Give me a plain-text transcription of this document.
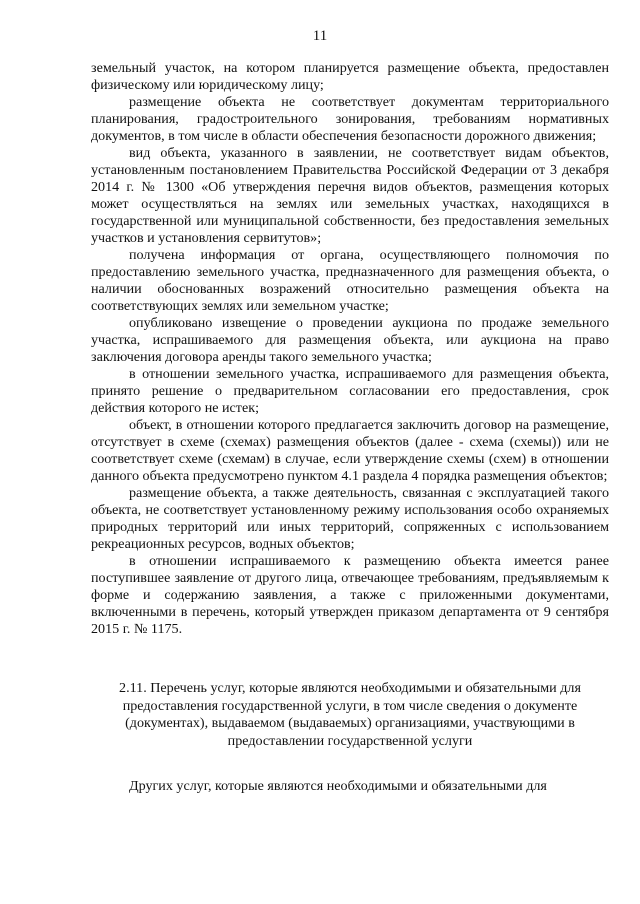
11

земельный участок, на котором планируется размещение объекта, предоставлен физическому или юридическому лицу;

размещение объекта не соответствует документам территориального планирования, градостроительного зонирования, требованиям нормативных документов, в том числе в области обеспечения безопасности дорожного движения;

вид объекта, указанного в заявлении, не соответствует видам объектов, установленным постановлением Правительства Российской Федерации от 3 декабря 2014 г. № 1300 «Об утверждения перечня видов объектов, размещения которых может осуществляться на землях или земельных участках, находящихся в государственной или муниципальной собственности, без предоставления земельных участков и установления сервитутов»;

получена информация от органа, осуществляющего полномочия по предоставлению земельного участка, предназначенного для размещения объекта, о наличии обоснованных возражений относительно размещения объекта на соответствующих землях или земельном участке;

опубликовано извещение о проведении аукциона по продаже земельного участка, испрашиваемого для размещения объекта, или аукциона на право заключения договора аренды такого земельного участка;

в отношении земельного участка, испрашиваемого для размещения объекта, принято решение о предварительном согласовании его предоставления, срок действия которого не истек;

объект, в отношении которого предлагается заключить договор на размещение, отсутствует в схеме (схемах) размещения объектов (далее - схема (схемы)) или не соответствует схеме (схемам) в случае, если утверждение схемы (схем) в отношении данного объекта предусмотрено пунктом 4.1 раздела 4 порядка размещения объектов;

размещение объекта, а также деятельность, связанная с эксплуатацией такого объекта, не соответствует установленному режиму использования особо охраняемых природных территорий или иных территорий, сопряженных с использованием рекреационных ресурсов, водных объектов;

в отношении испрашиваемого к размещению объекта имеется ранее поступившее заявление от другого лица, отвечающее требованиям, предъявляемым к форме и содержанию заявления, а также с приложенными документами, включенными в перечень, который утвержден приказом департамента от 9 сентября 2015 г. № 1175.

2.11. Перечень услуг, которые являются необходимыми и обязательными для предоставления государственной услуги, в том числе сведения о документе (документах), выдаваемом (выдаваемых) организациями, участвующими в предоставлении государственной услуги

Других услуг, которые являются необходимыми и обязательными для
